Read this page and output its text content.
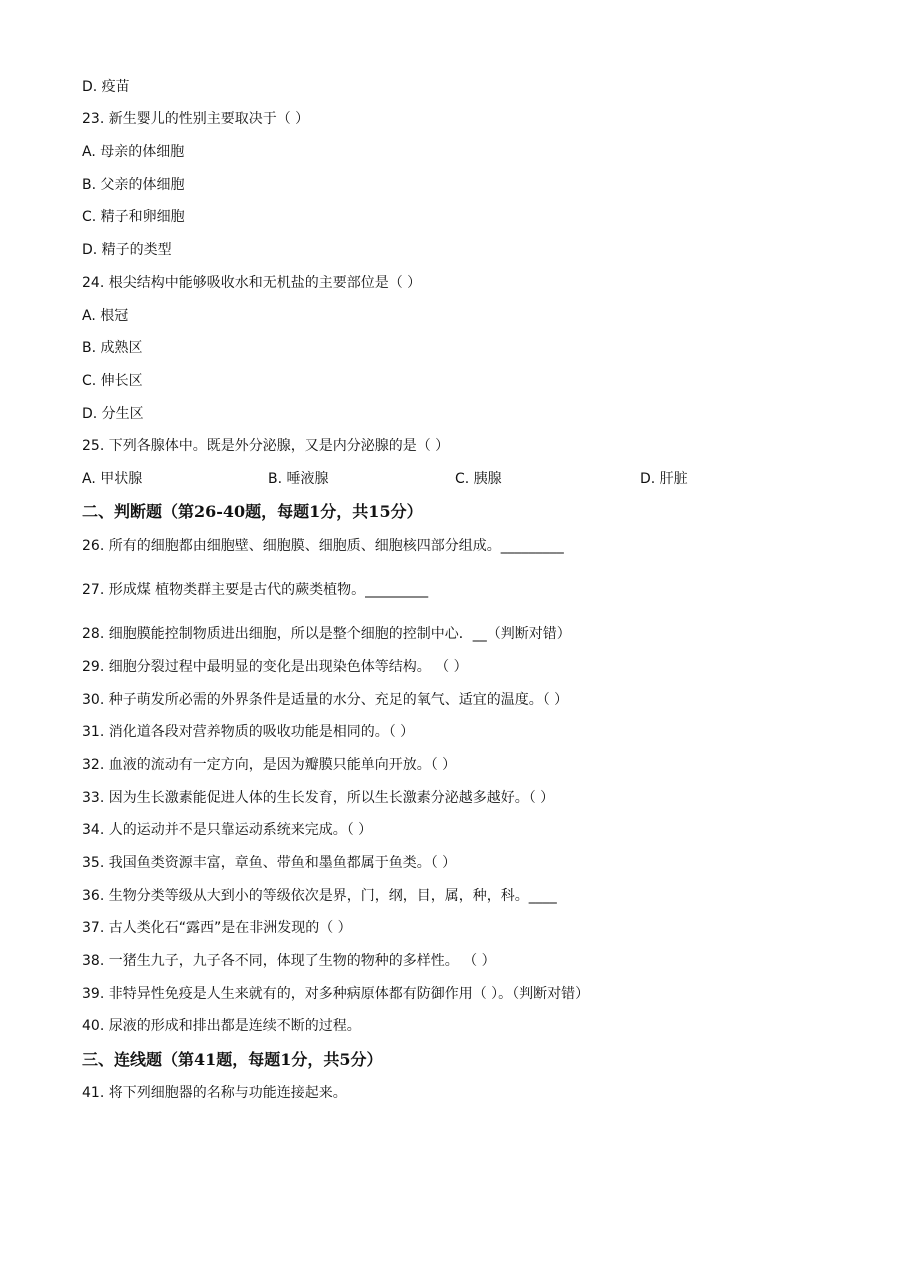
D. 疫苗
23. 新生婴儿的性别主要取决于（ ）
A. 母亲的体细胞
B. 父亲的体细胞
C. 精子和卵细胞
D. 精子的类型
24. 根尖结构中能够吸收水和无机盐的主要部位是（ ）
A. 根冠
B. 成熟区
C. 伸长区
D. 分生区
25. 下列各腺体中。既是外分泌腺，又是内分泌腺的是（ ）
A. 甲状腺	B. 唾液腺	C. 胰腺	D. 肝脏
二、判断题（第26-40题，每题1分，共15分）
26. 所有的细胞都由细胞壁、细胞膜、细胞质、细胞核四部分组成。_________
27. 形成煤 植物类群主要是古代的蕨类植物。_________
28. 细胞膜能控制物质进出细胞，所以是整个细胞的控制中心．__（判断对错）
29. 细胞分裂过程中最明显的变化是出现染色体等结构。 （ ）
30. 种子萌发所必需的外界条件是适量的水分、充足的氧气、适宜的温度。（ ）
31. 消化道各段对营养物质的吸收功能是相同的。（ ）
32. 血液的流动有一定方向，是因为瓣膜只能单向开放。（ ）
33. 因为生长激素能促进人体的生长发育，所以生长激素分泌越多越好。（ ）
34. 人的运动并不是只靠运动系统来完成。（ ）
35. 我国鱼类资源丰富，章鱼、带鱼和墨鱼都属于鱼类。（ ）
36. 生物分类等级从大到小的等级依次是界，门，纲，目，属，种，科。____
37. 古人类化石“露西”是在非洲发现的（ ）
38. 一猪生九子，九子各不同，体现了生物的物种的多样性。 （ ）
39. 非特异性免疫是人生来就有的，对多种病原体都有防御作用（ ）。（判断对错）
40. 尿液的形成和排出都是连续不断的过程。
三、连线题（第41题，每题1分，共5分）
41. 将下列细胞器的名称与功能连接起来。
